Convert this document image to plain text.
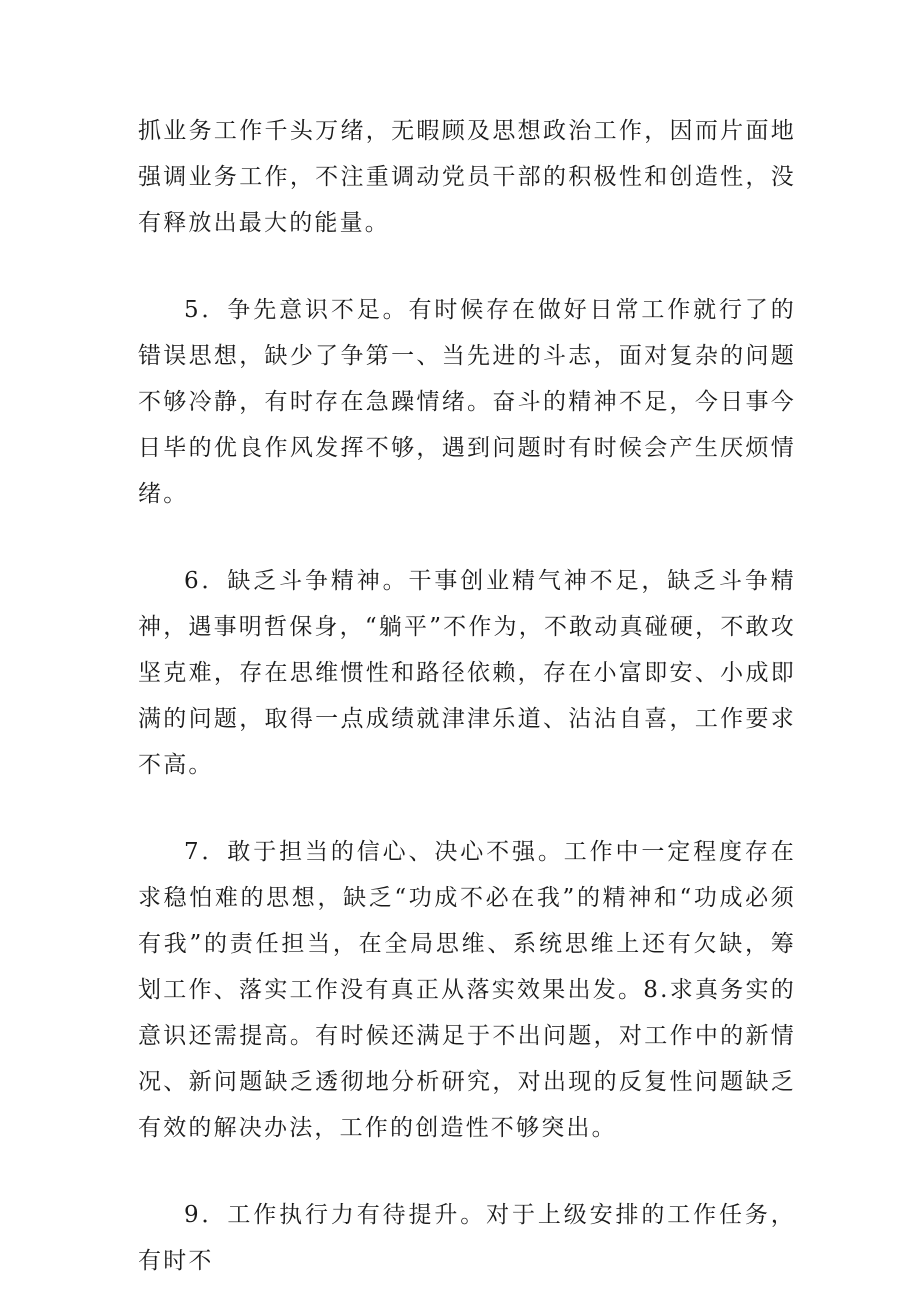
抓业务工作千头万绪，无暇顾及思想政治工作，因而片面地强调业务工作，不注重调动党员干部的积极性和创造性，没有释放出最大的能量。

5．争先意识不足。有时候存在做好日常工作就行了的错误思想，缺少了争第一、当先进的斗志，面对复杂的问题不够冷静，有时存在急躁情绪。奋斗的精神不足，今日事今日毕的优良作风发挥不够，遇到问题时有时候会产生厌烦情绪。

6．缺乏斗争精神。干事创业精气神不足，缺乏斗争精神，遇事明哲保身，“躺平”不作为，不敢动真碰硬，不敢攻坚克难，存在思维惯性和路径依赖，存在小富即安、小成即满的问题，取得一点成绩就津津乐道、沾沾自喜，工作要求不高。

7．敢于担当的信心、决心不强。工作中一定程度存在求稳怕难的思想，缺乏“功成不必在我”的精神和“功成必须有我”的责任担当，在全局思维、系统思维上还有欠缺，筹划工作、落实工作没有真正从落实效果出发。8.求真务实的意识还需提高。有时候还满足于不出问题，对工作中的新情况、新问题缺乏透彻地分析研究，对出现的反复性问题缺乏有效的解决办法，工作的创造性不够突出。

9．工作执行力有待提升。对于上级安排的工作任务，有时不
